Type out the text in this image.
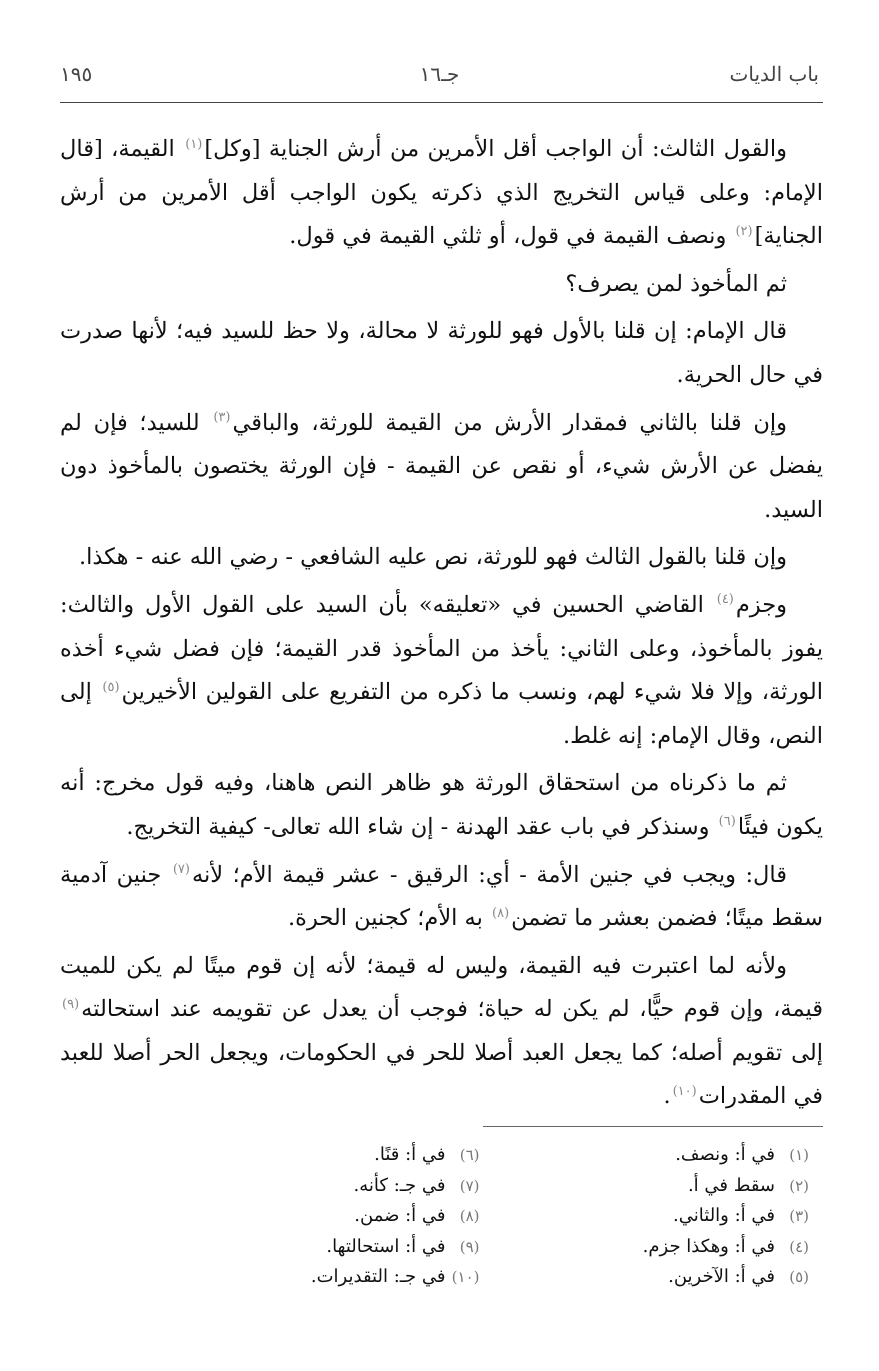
باب الديات
جـ١٦
١٩٥

والقول الثالث: أن الواجب أقل الأمرين من أرش الجناية [وكل]$^{(١)}$ القيمة، [قال الإمام: وعلى قياس التخريج الذي ذكرته يكون الواجب أقل الأمرين من أرش الجناية]$^{(٢)}$ ونصف القيمة في قول، أو ثلثي القيمة في قول.

ثم المأخوذ لمن يصرف؟

قال الإمام: إن قلنا بالأول فهو للورثة لا محالة، ولا حظ للسيد فيه؛ لأنها صدرت في حال الحرية.

وإن قلنا بالثاني فمقدار الأرش من القيمة للورثة، والباقي$^{(٣)}$ للسيد؛ فإن لم يفضل عن الأرش شيء، أو نقص عن القيمة - فإن الورثة يختصون بالمأخوذ دون السيد.

وإن قلنا بالقول الثالث فهو للورثة، نص عليه الشافعي - رضي الله عنه - هكذا.

وجزم$^{(٤)}$ القاضي الحسين في «تعليقه» بأن السيد على القول الأول والثالث: يفوز بالمأخوذ، وعلى الثاني: يأخذ من المأخوذ قدر القيمة؛ فإن فضل شيء أخذه الورثة، وإلا فلا شيء لهم، ونسب ما ذكره من التفريع على القولين الأخيرين$^{(٥)}$ إلى النص، وقال الإمام: إنه غلط.

ثم ما ذكرناه من استحقاق الورثة هو ظاهر النص هاهنا، وفيه قول مخرج: أنه يكون فيئًا$^{(٦)}$ وسنذكر في باب عقد الهدنة - إن شاء الله تعالى- كيفية التخريج.

قال: ويجب في جنين الأمة - أي: الرقيق - عشر قيمة الأم؛ لأنه$^{(٧)}$ جنين آدمية سقط ميتًا؛ فضمن بعشر ما تضمن$^{(٨)}$ به الأم؛ كجنين الحرة.

ولأنه لما اعتبرت فيه القيمة، وليس له قيمة؛ لأنه إن قوم ميتًا لم يكن للميت قيمة، وإن قوم حيًّا، لم يكن له حياة؛ فوجب أن يعدل عن تقويمه عند استحالته$^{(٩)}$ إلى تقويم أصله؛ كما يجعل العبد أصلا للحر في الحكومات، ويجعل الحر أصلا للعبد في المقدرات$^{(١٠)}$.

(١)في أ: ونصف.
(٢)سقط في أ.
(٣)في أ: والثاني.
(٤)في أ: وهكذا جزم.
(٥)في أ: الآخرين.
(٦)في أ: قنًا.
(٧)في جـ: كأنه.
(٨)في أ: ضمن.
(٩)في أ: استحالتها.
(١٠)في جـ: التقديرات.
